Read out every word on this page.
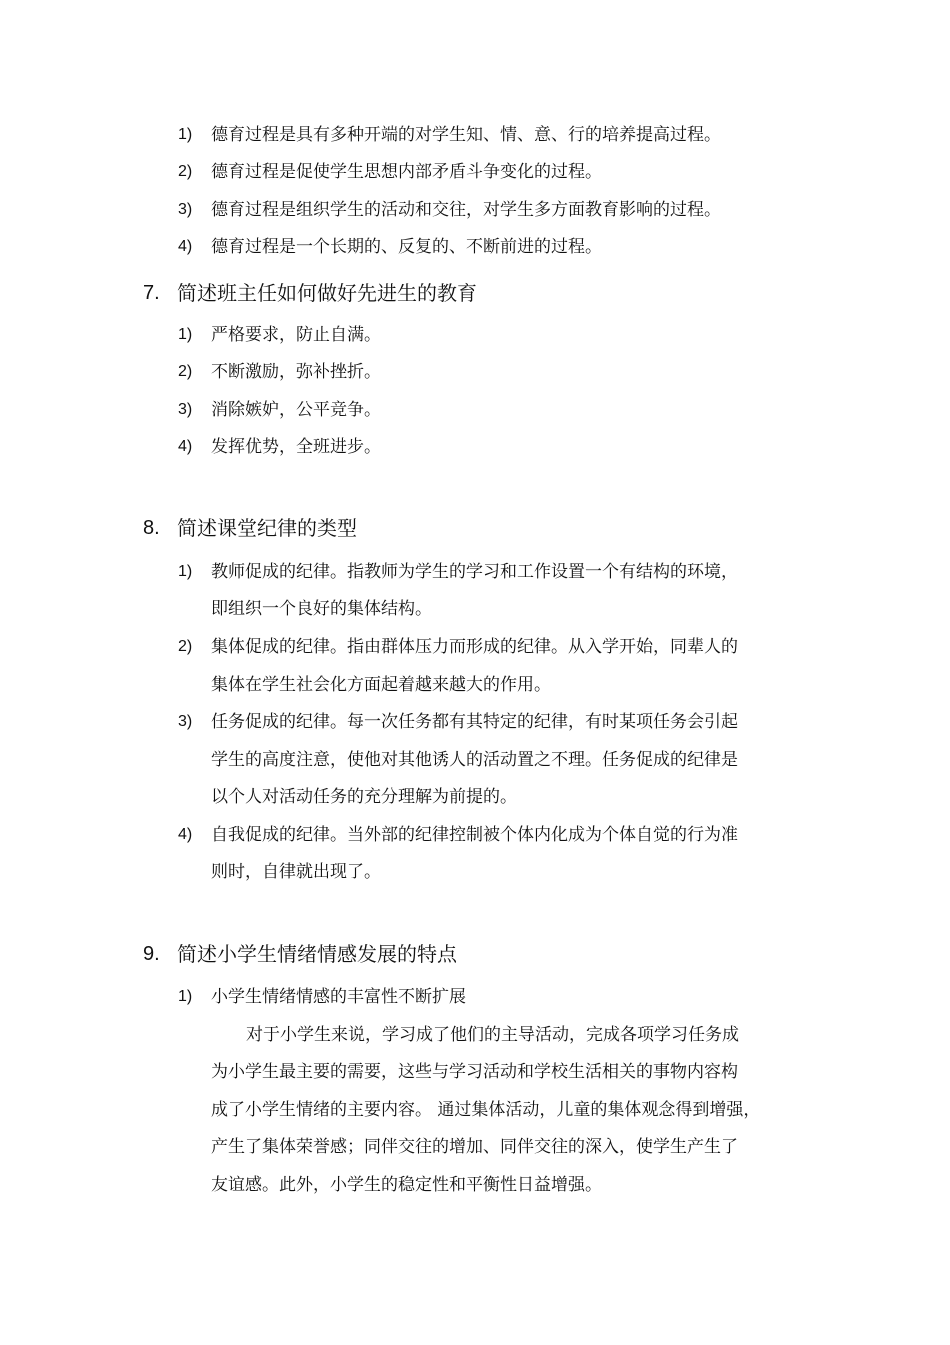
1) 德育过程是具有多种开端的对学生知、情、意、行的培养提高过程。
2) 德育过程是促使学生思想内部矛盾斗争变化的过程。
3) 德育过程是组织学生的活动和交往，对学生多方面教育影响的过程。
4) 德育过程是一个长期的、反复的、不断前进的过程。
7. 简述班主任如何做好先进生的教育
1) 严格要求，防止自满。
2) 不断激励，弥补挫折。
3) 消除嫉妒，公平竞争。
4) 发挥优势，全班进步。
8. 简述课堂纪律的类型
1) 教师促成的纪律。指教师为学生的学习和工作设置一个有结构的环境，
即组织一个良好的集体结构。
2) 集体促成的纪律。指由群体压力而形成的纪律。从入学开始，同辈人的
集体在学生社会化方面起着越来越大的作用。
3) 任务促成的纪律。每一次任务都有其特定的纪律，有时某项任务会引起
学生的高度注意，使他对其他诱人的活动置之不理。任务促成的纪律是
以个人对活动任务的充分理解为前提的。
4) 自我促成的纪律。当外部的纪律控制被个体内化成为个体自觉的行为准
则时，自律就出现了。
9. 简述小学生情绪情感发展的特点
1) 小学生情绪情感的丰富性不断扩展
对于小学生来说，学习成了他们的主导活动，完成各项学习任务成
为小学生最主要的需要，这些与学习活动和学校生活相关的事物内容构
成了小学生情绪的主要内容。 通过集体活动，儿童的集体观念得到增强，
产生了集体荣誉感；同伴交往的增加、同伴交往的深入，使学生产生了
友谊感。此外，小学生的稳定性和平衡性日益增强。
